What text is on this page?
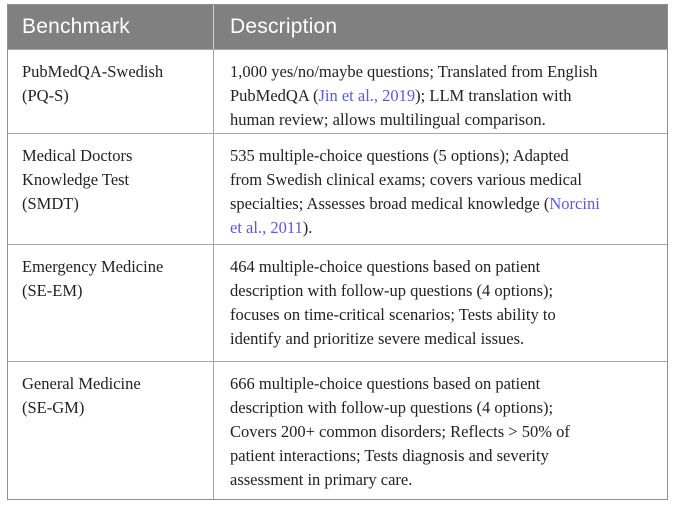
Benchmark	Description
PubMedQA-Swedish
(PQ-S)
1,000 yes/no/maybe questions; Translated from English
PubMedQA (Jin et al., 2019); LLM translation with
human review; allows multilingual comparison.
Medical Doctors
Knowledge Test
(SMDT)
535 multiple-choice questions (5 options); Adapted
from Swedish clinical exams; covers various medical
specialties; Assesses broad medical knowledge (Norcini
et al., 2011).
Emergency Medicine
(SE-EM)
464 multiple-choice questions based on patient
description with follow-up questions (4 options);
focuses on time-critical scenarios; Tests ability to
identify and prioritize severe medical issues.
General Medicine
(SE-GM)
666 multiple-choice questions based on patient
description with follow-up questions (4 options);
Covers 200+ common disorders; Reflects > 50% of
patient interactions; Tests diagnosis and severity
assessment in primary care.
